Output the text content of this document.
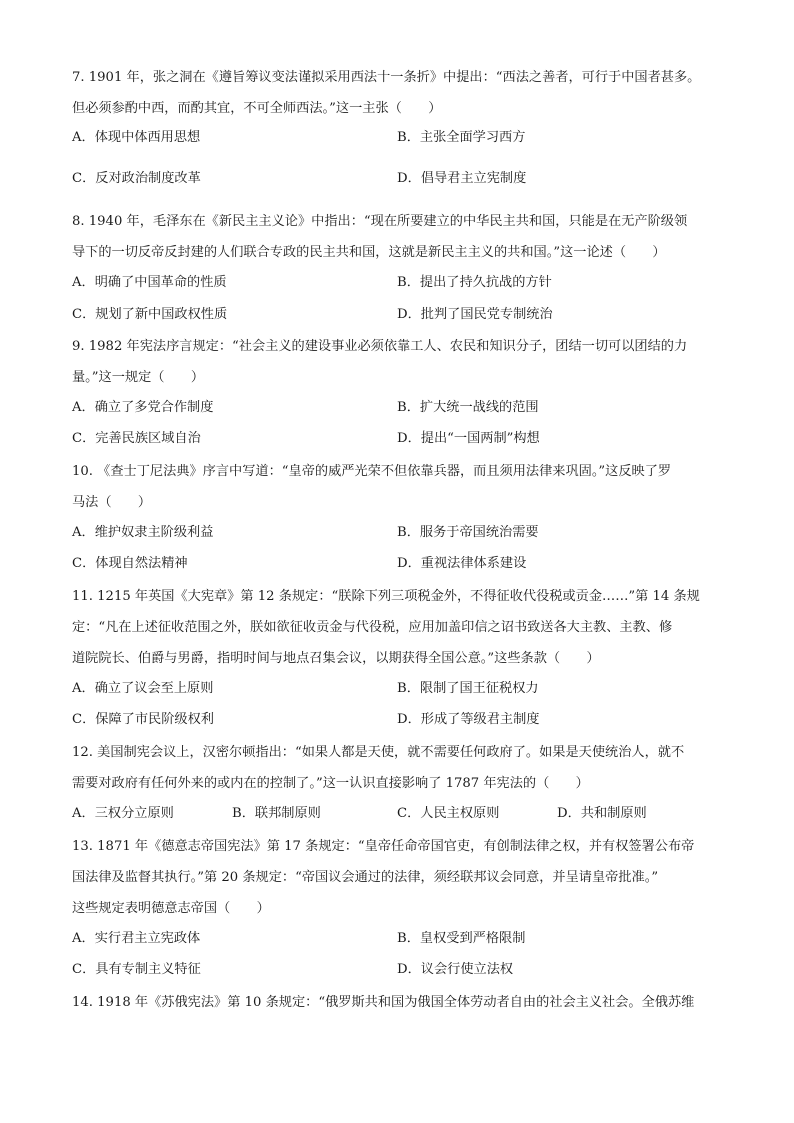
7. 1901 年，张之洞在《遵旨筹议变法谨拟采用西法十一条折》中提出：“西法之善者，可行于中国者甚多。

但必须参酌中西，而酌其宜，不可全师西法。”这一主张（　　）

A．体现中体西用思想	B．主张全面学习西方
C．反对政治制度改革	D．倡导君主立宪制度

8. 1940 年，毛泽东在《新民主主义论》中指出：“现在所要建立的中华民主共和国，只能是在无产阶级领

导下的一切反帝反封建的人们联合专政的民主共和国，这就是新民主主义的共和国。”这一论述（　　）

A．明确了中国革命的性质	B．提出了持久抗战的方针
C．规划了新中国政权性质	D．批判了国民党专制统治

9. 1982 年宪法序言规定：“社会主义的建设事业必须依靠工人、农民和知识分子，团结一切可以团结的力

量。”这一规定（　　）

A．确立了多党合作制度	B．扩大统一战线的范围
C．完善民族区域自治	D．提出“一国两制”构想

10. 《查士丁尼法典》序言中写道：“皇帝的威严光荣不但依靠兵器，而且须用法律来巩固。”这反映了罗

马法（　　）

A．维护奴隶主阶级利益	B．服务于帝国统治需要
C．体现自然法精神	D．重视法律体系建设

11. 1215 年英国《大宪章》第 12 条规定：“朕除下列三项税金外，不得征收代役税或贡金……”第 14 条规

定：“凡在上述征收范围之外，朕如欲征收贡金与代役税，应用加盖印信之诏书致送各大主教、主教、修

道院院长、伯爵与男爵，指明时间与地点召集会议，以期获得全国公意。”这些条款（　　）

A．确立了议会至上原则	B．限制了国王征税权力
C．保障了市民阶级权利	D．形成了等级君主制度

12. 美国制宪会议上，汉密尔顿指出：“如果人都是天使，就不需要任何政府了。如果是天使统治人，就不

需要对政府有任何外来的或内在的控制了。”这一认识直接影响了 1787 年宪法的（　　）

A．三权分立原则	B．联邦制原则	C．人民主权原则	D．共和制原则

13. 1871 年《德意志帝国宪法》第 17 条规定：“皇帝任命帝国官吏，有创制法律之权，并有权签署公布帝

国法律及监督其执行。”第 20 条规定：“帝国议会通过的法律，须经联邦议会同意，并呈请皇帝批准。”

这些规定表明德意志帝国（　　）

A．实行君主立宪政体	B．皇权受到严格限制
C．具有专制主义特征	D．议会行使立法权

14. 1918 年《苏俄宪法》第 10 条规定：“俄罗斯共和国为俄国全体劳动者自由的社会主义社会。全俄苏维
